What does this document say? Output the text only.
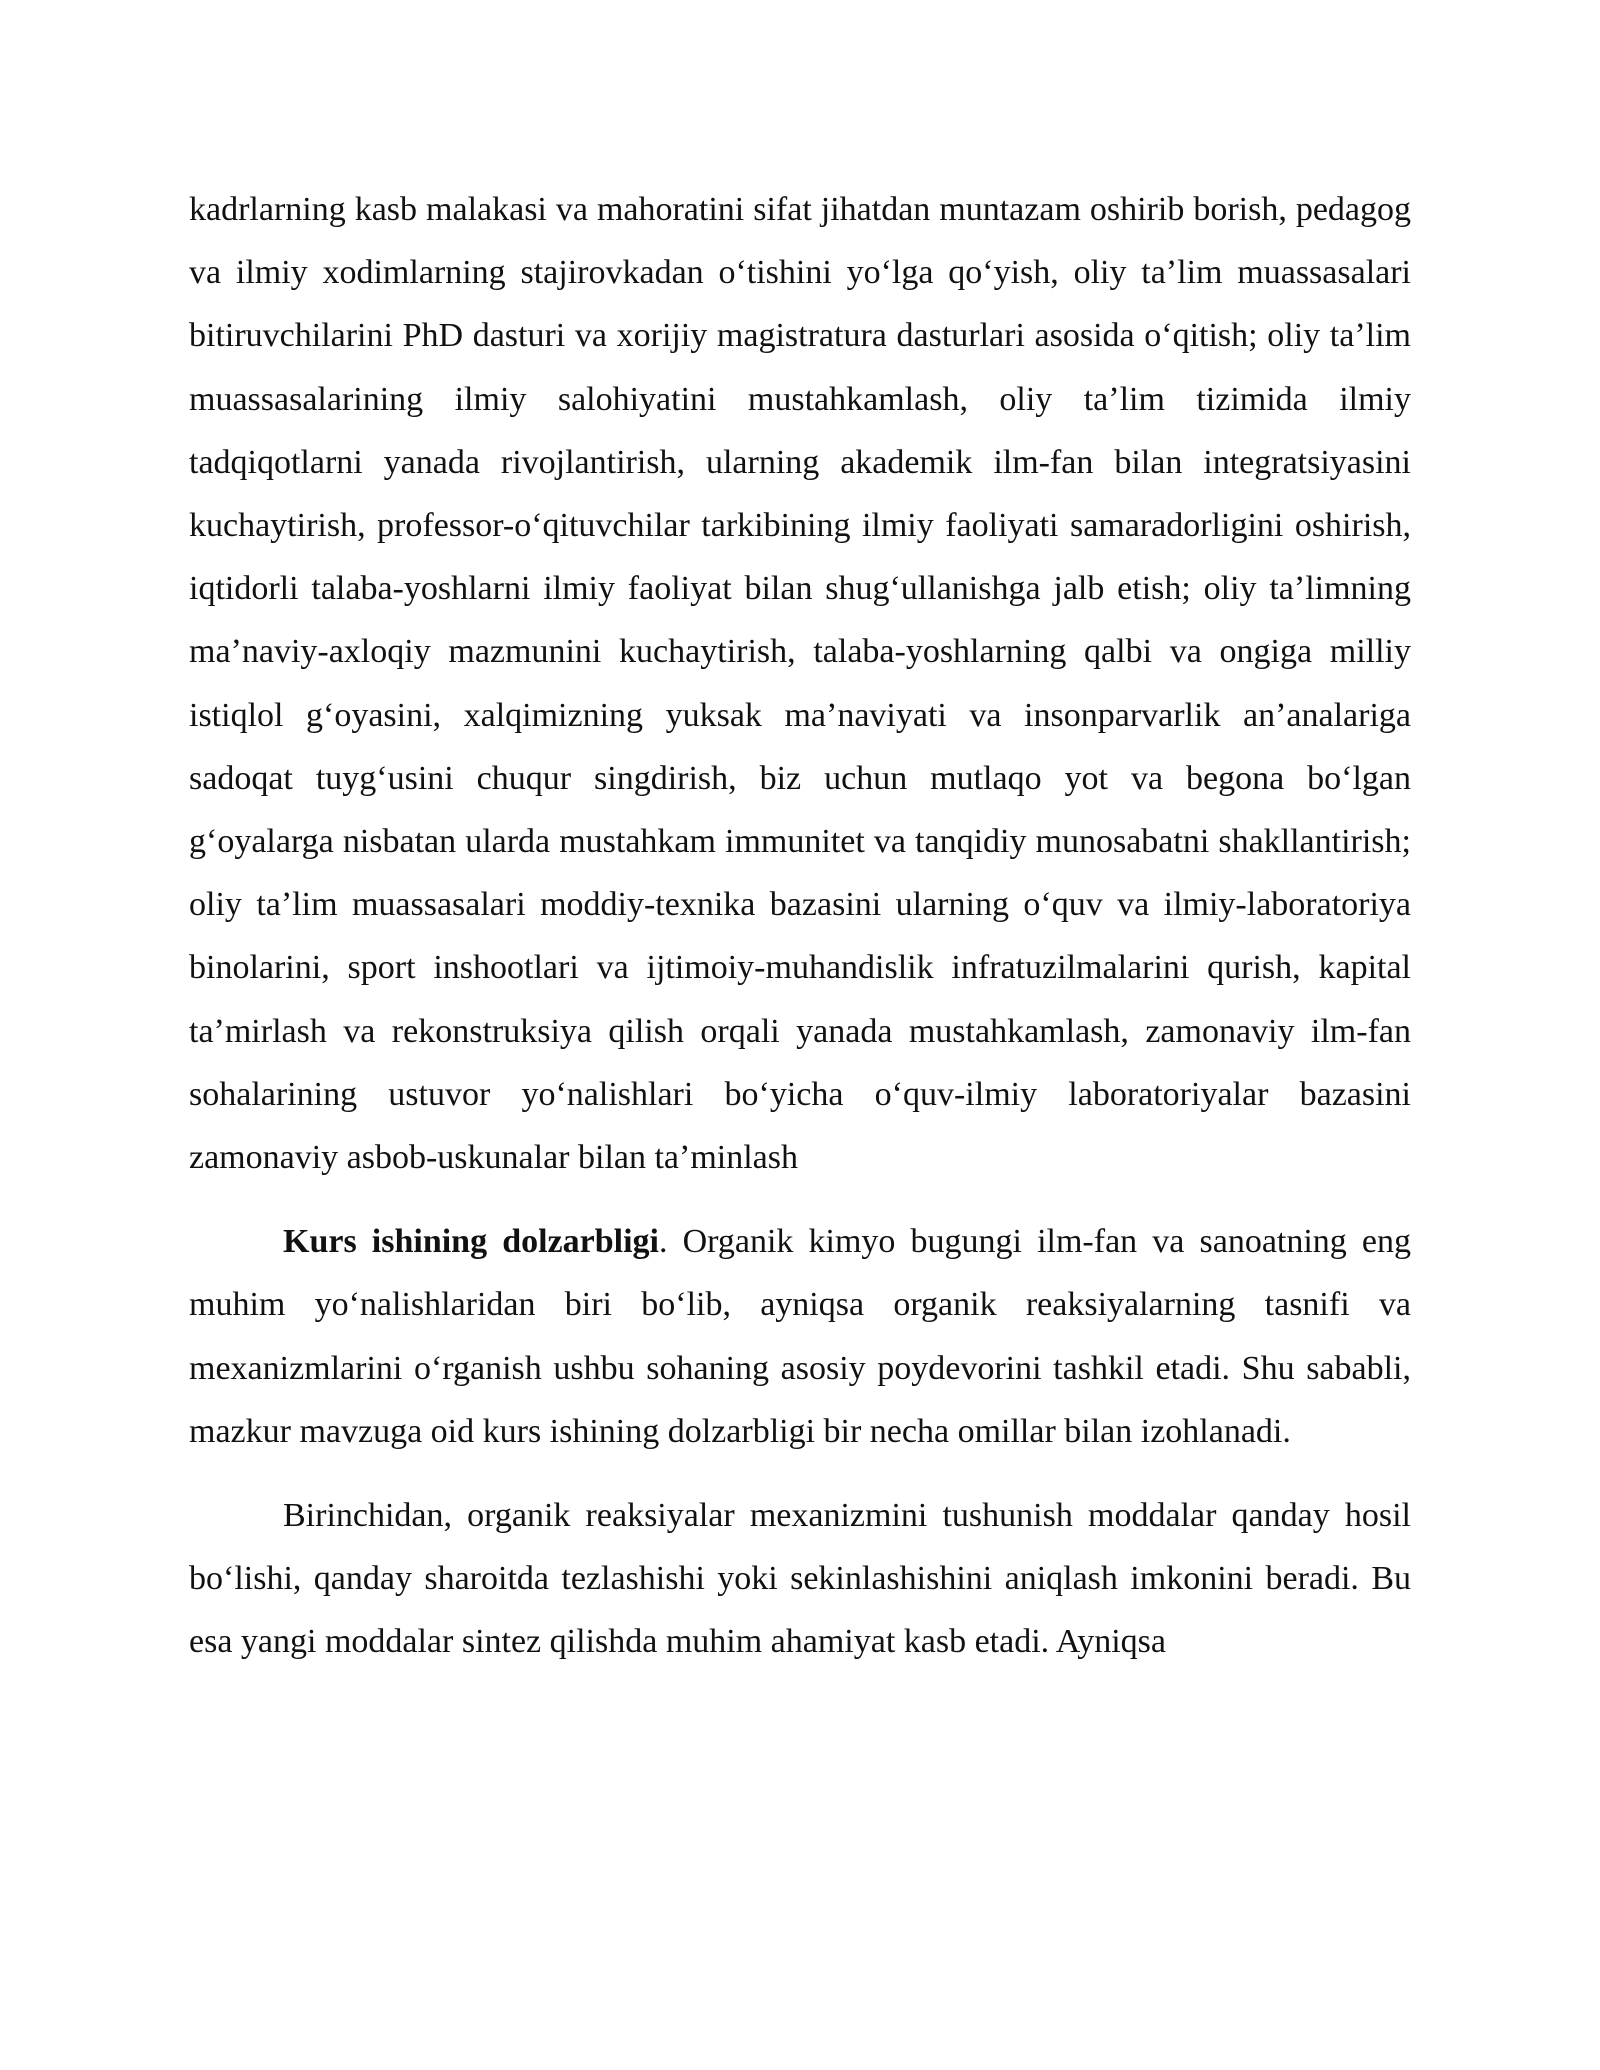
kadrlarning kasb malakasi va mahoratini sifat jihatdan muntazam oshirib borish, pedagog va ilmiy xodimlarning stajirovkadan oʻtishini yoʻlga qoʻyish, oliy taʼlim muassasalari bitiruvchilarini PhD dasturi va xorijiy magistratura dasturlari asosida oʻqitish; oliy taʼlim muassasalarining ilmiy salohiyatini mustahkamlash, oliy taʼlim tizimida ilmiy tadqiqotlarni yanada rivojlantirish, ularning akademik ilm-fan bilan integratsiyasini kuchaytirish, professor-oʻqituvchilar tarkibining ilmiy faoliyati samaradorligini oshirish, iqtidorli talaba-yoshlarni ilmiy faoliyat bilan shugʻullanishga jalb etish; oliy taʼlimning maʼnaviy-axloqiy mazmunini kuchaytirish, talaba-yoshlarning qalbi va ongiga milliy istiqlol gʻoyasini, xalqimizning yuksak maʼnaviyati va insonparvarlik anʼanalariga sadoqat tuygʻusini chuqur singdirish, biz uchun mutlaqo yot va begona boʻlgan gʻoyalarga nisbatan ularda mustahkam immunitet va tanqidiy munosabatni shakllantirish; oliy taʼlim muassasalari moddiy-texnika bazasini ularning oʻquv va ilmiy-laboratoriya binolarini, sport inshootlari va ijtimoiy-muhandislik infratuzilmalarini qurish, kapital taʼmirlash va rekonstruksiya qilish orqali yanada mustahkamlash, zamonaviy ilm-fan sohalarining ustuvor yoʻnalishlari boʻyicha oʻquv-ilmiy laboratoriyalar bazasini zamonaviy asbob-uskunalar bilan taʼminlash

Kurs ishining dolzarbligi. Organik kimyo bugungi ilm-fan va sanoatning eng muhim yoʻnalishlaridan biri boʻlib, ayniqsa organik reaksiyalarning tasnifi va mexanizmlarini oʻrganish ushbu sohaning asosiy poydevorini tashkil etadi. Shu sababli, mazkur mavzuga oid kurs ishining dolzarbligi bir necha omillar bilan izohlanadi.

Birinchidan, organik reaksiyalar mexanizmini tushunish moddalar qanday hosil boʻlishi, qanday sharoitda tezlashishi yoki sekinlashishini aniqlash imkonini beradi. Bu esa yangi moddalar sintez qilishda muhim ahamiyat kasb etadi. Ayniqsa
